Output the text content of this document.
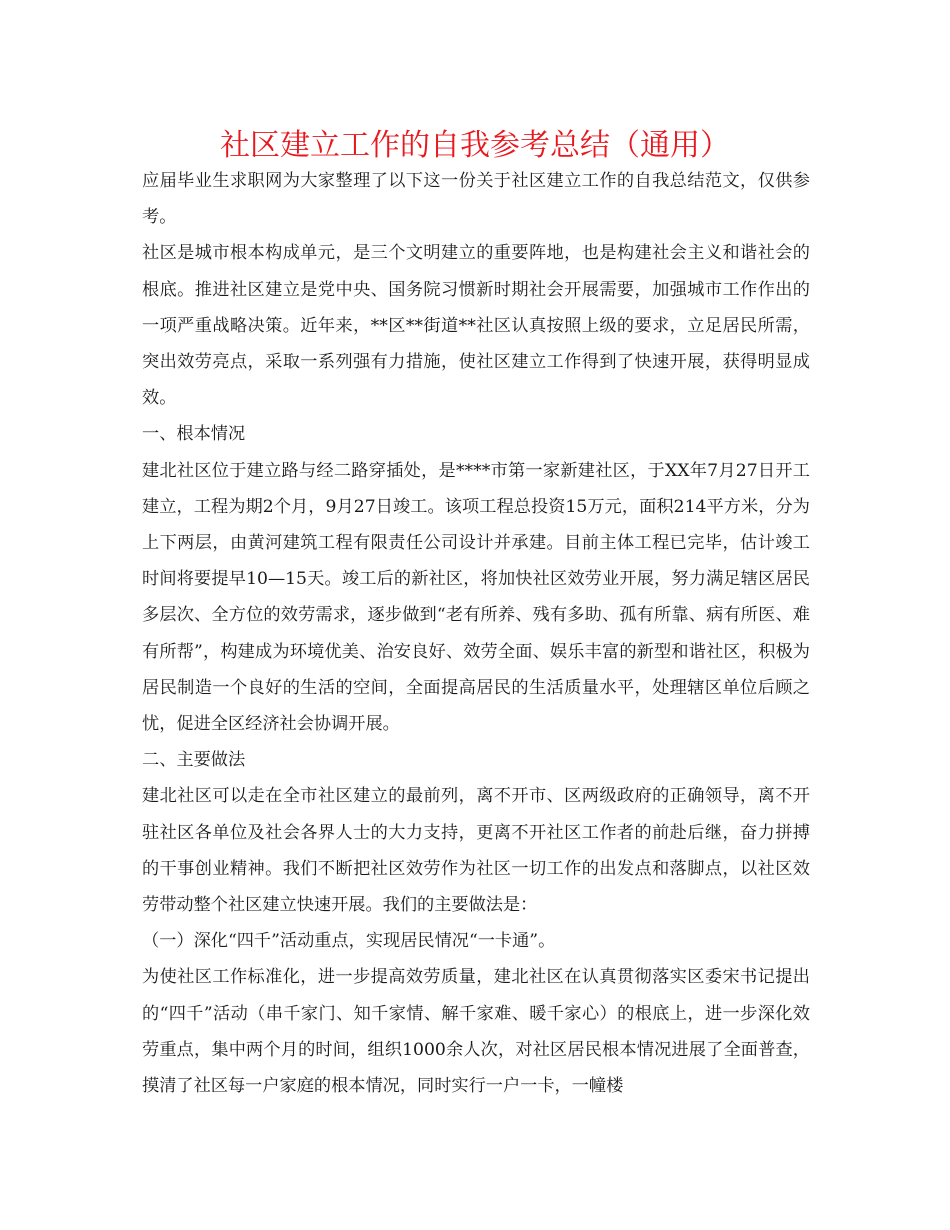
社区建立工作的自我参考总结（通用）

应届毕业生求职网为大家整理了以下这一份关于社区建立工作的自我总结范文，仅供参考。

社区是城市根本构成单元，是三个文明建立的重要阵地，也是构建社会主义和谐社会的根底。推进社区建立是党中央、国务院习惯新时期社会开展需要，加强城市工作作出的一项严重战略决策。近年来，**区**街道**社区认真按照上级的要求，立足居民所需，突出效劳亮点，采取一系列强有力措施，使社区建立工作得到了快速开展，获得明显成效。

一、根本情况

建北社区位于建立路与经二路穿插处，是****市第一家新建社区，于XX年7月27日开工建立，工程为期2个月，9月27日竣工。该项工程总投资15万元，面积214平方米，分为上下两层，由黄河建筑工程有限责任公司设计并承建。目前主体工程已完毕，估计竣工时间将要提早10—15天。竣工后的新社区，将加快社区效劳业开展，努力满足辖区居民多层次、全方位的效劳需求，逐步做到“老有所养、残有多助、孤有所靠、病有所医、难有所帮”，构建成为环境优美、治安良好、效劳全面、娱乐丰富的新型和谐社区，积极为居民制造一个良好的生活的空间，全面提高居民的生活质量水平，处理辖区单位后顾之忧，促进全区经济社会协调开展。

二、主要做法

建北社区可以走在全市社区建立的最前列，离不开市、区两级政府的正确领导，离不开驻社区各单位及社会各界人士的大力支持，更离不开社区工作者的前赴后继，奋力拼搏的干事创业精神。我们不断把社区效劳作为社区一切工作的出发点和落脚点，以社区效劳带动整个社区建立快速开展。我们的主要做法是：

（一）深化“四千”活动重点，实现居民情况“一卡通”。

为使社区工作标准化，进一步提高效劳质量，建北社区在认真贯彻落实区委宋书记提出的“四千”活动（串千家门、知千家情、解千家难、暖千家心）的根底上，进一步深化效劳重点，集中两个月的时间，组织1000余人次，对社区居民根本情况进展了全面普查，摸清了社区每一户家庭的根本情况，同时实行一户一卡，一幢楼
